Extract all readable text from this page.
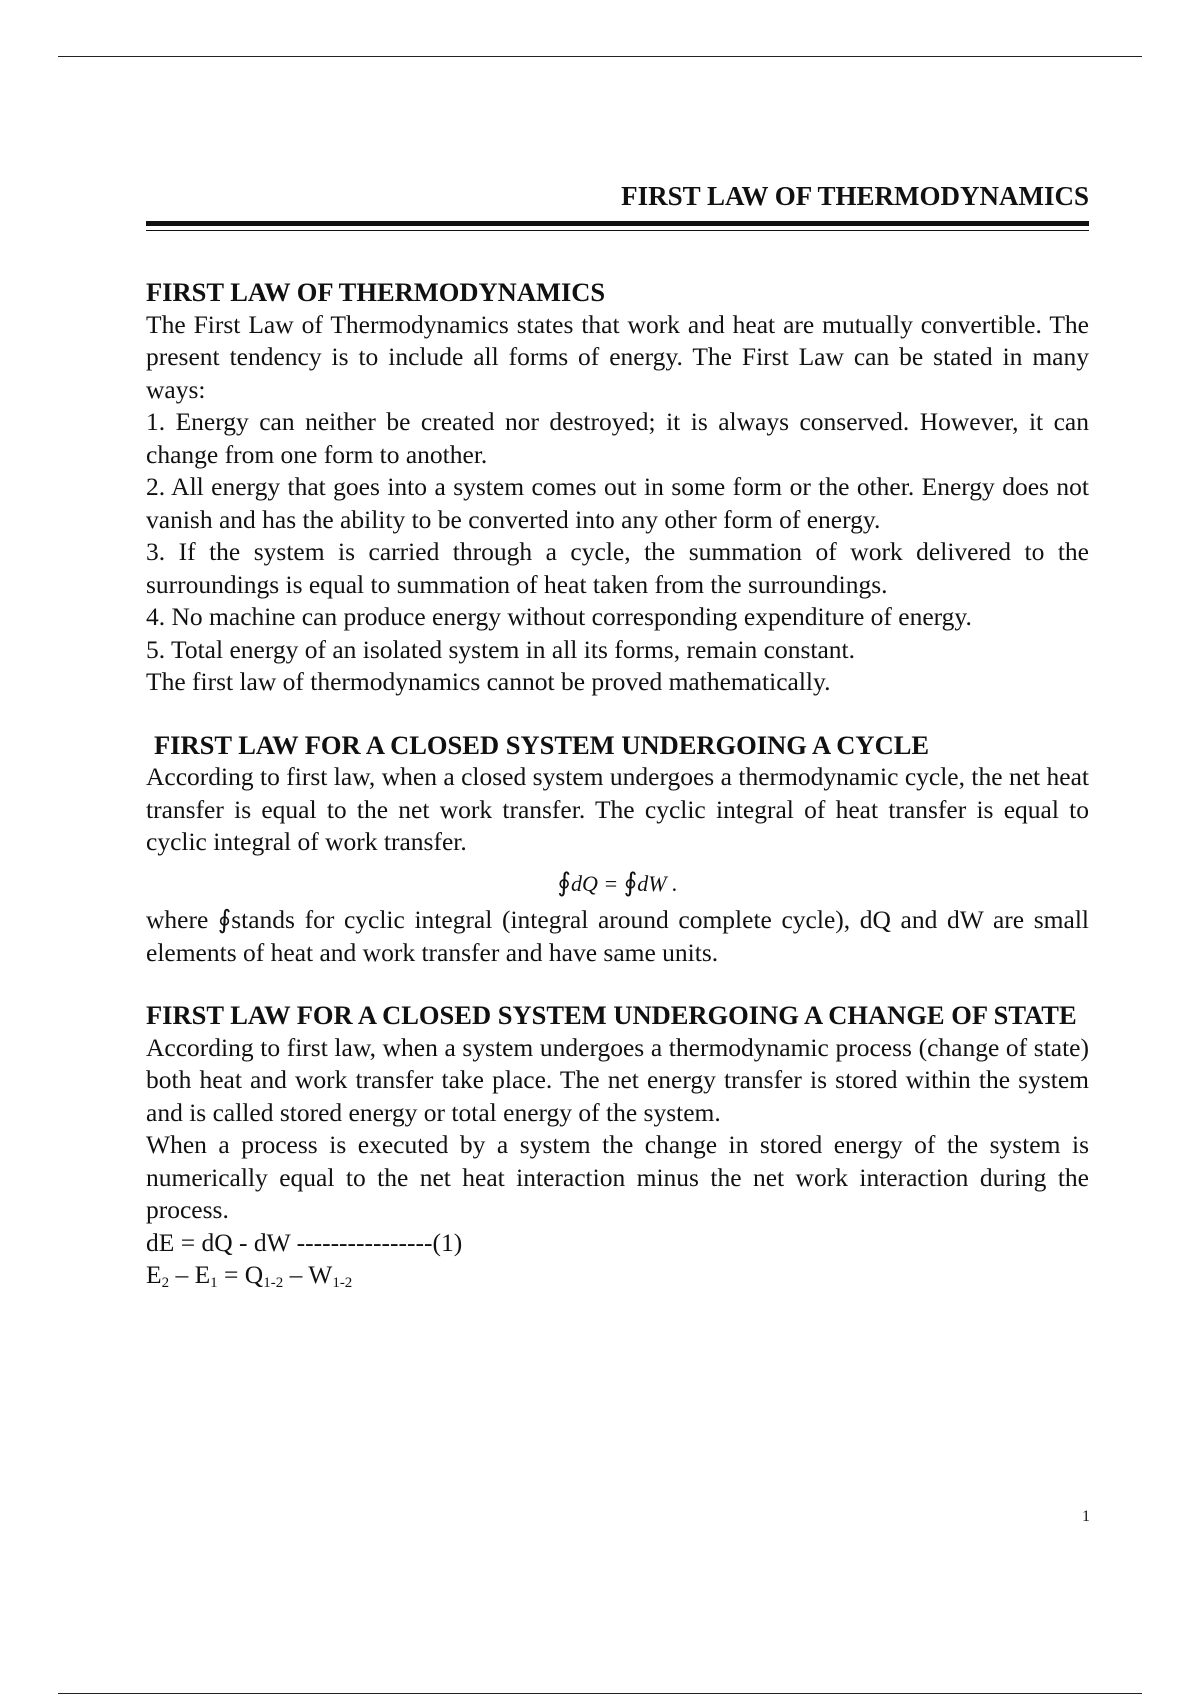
FIRST LAW OF THERMODYNAMICS
FIRST LAW OF THERMODYNAMICS

The First Law of Thermodynamics states that work and heat are mutually convertible. The present tendency is to include all forms of energy. The First Law can be stated in many ways:

1. Energy can neither be created nor destroyed; it is always conserved. However, it can change from one form to another.

2. All energy that goes into a system comes out in some form or the other. Energy does not vanish and has the ability to be converted into any other form of energy.

3. If the system is carried through a cycle, the summation of work delivered to the surroundings is equal to summation of heat taken from the surroundings.

4. No machine can produce energy without corresponding expenditure of energy.

5. Total energy of an isolated system in all its forms, remain constant.

The first law of thermodynamics cannot be proved mathematically.

FIRST LAW FOR A CLOSED SYSTEM UNDERGOING A CYCLE

According to first law, when a closed system undergoes a thermodynamic cycle, the net heat transfer is equal to the net work transfer. The cyclic integral of heat transfer is equal to cyclic integral of work transfer.

∮dQ = ∮dW .

where ∮stands for cyclic integral (integral around complete cycle), dQ and dW are small elements of heat and work transfer and have same units.

FIRST LAW FOR A CLOSED SYSTEM UNDERGOING A CHANGE OF STATE

According to first law, when a system undergoes a thermodynamic process (change of state) both heat and work transfer take place. The net energy transfer is stored within the system and is called stored energy or total energy of the system.

When a process is executed by a system the change in stored energy of the system is numerically equal to the net heat interaction minus the net work interaction during the process.

dE = dQ - dW ----------------(1)
$E_2 - E_1 = Q_{1-2} - W_{1-2}$
1
